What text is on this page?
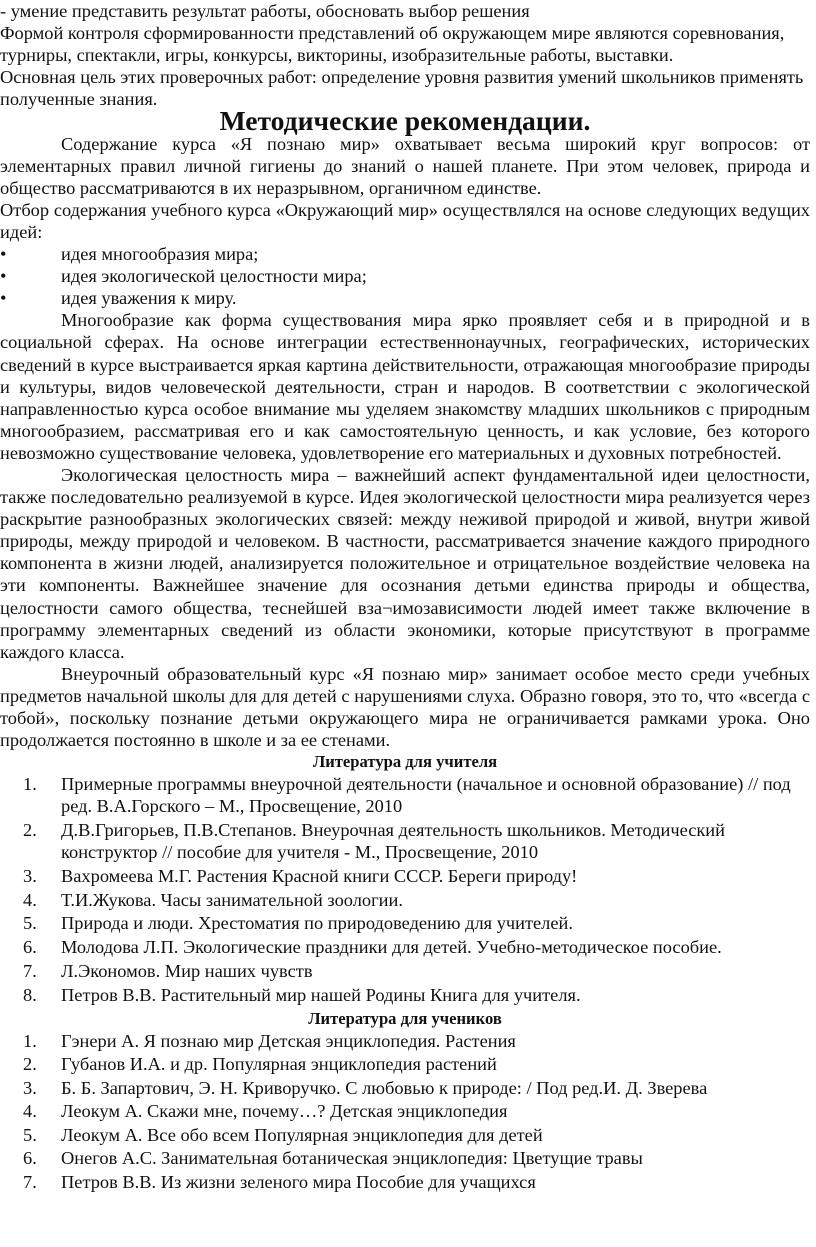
- умение представить результат работы, обосновать выбор решения

Формой контроля сформированности представлений об окружающем мире являются соревнования, турниры, спектакли, игры, конкурсы, викторины, изобразительные работы, выставки.

Основная цель этих проверочных работ: определение уровня развития умений школьников применять полученные знания.

Методические рекомендации.

Содержание курса «Я познаю мир» охватывает весьма широкий круг вопросов: от элементарных правил личной гигиены до знаний о нашей планете. При этом человек, природа и общество рассматриваются в их неразрывном, органичном единстве.

Отбор содержания учебного курса «Окружающий мир» осуществлялся на основе следующих ведущих идей:

•	идея многообразия мира;
•	идея экологической целостности мира;
•	идея уважения к миру.

Многообразие как форма существования мира ярко проявляет себя и в природной и в социальной сферах. На основе интеграции естественнонаучных, географических, исторических сведений в курсе выстраивается яркая картина действительности, отражающая многообразие природы и культуры, видов человеческой деятельности, стран и народов. В соответствии с экологической направленностью курса особое внимание мы уделяем знакомству младших школьников с природным многообразием, рассматривая его и как самостоятельную ценность, и как условие, без которого невозможно существование человека, удовлетворение его материальных и духовных потребностей.

Экологическая целостность мира – важнейший аспект фундаментальной идеи целостности, также последовательно реализуемой в курсе. Идея экологической целостности мира реализуется через раскрытие разнообразных экологических связей: между неживой природой и живой, внутри живой природы, между природой и человеком. В частности, рассматривается значение каждого природного компонента в жизни людей, анализируется положительное и отрицательное воздействие человека на эти компоненты. Важнейшее значение для осознания детьми единства природы и общества, целостности самого общества, теснейшей вза¬имозависимости людей имеет также включение в программу элементарных сведений из области экономики, которые присутствуют в программе каждого класса.

Внеурочный образовательный курс «Я познаю мир» занимает особое место среди учебных предметов начальной школы для для детей с нарушениями слуха. Образно говоря, это то, что «всегда с тобой», поскольку познание детьми окружающего мира не ограничивается рамками урока. Оно продолжается постоянно в школе и за ее стенами.

Литература для учителя
1.	Примерные программы внеурочной деятельности (начальное и основной образование) // под ред. В.А.Горского – М., Просвещение, 2010
2.	Д.В.Григорьев, П.В.Степанов. Внеурочная деятельность школьников. Методический конструктор // пособие для учителя - М., Просвещение, 2010
3.	Вахромеева М.Г. Растения Красной книги СССР. Береги природу!
4.	Т.И.Жукова. Часы занимательной зоологии.
5.	Природа и люди. Хрестоматия по природоведению для учителей.
6.	Молодова Л.П. Экологические праздники для детей. Учебно-методическое пособие.
7.	Л.Экономов. Мир наших чувств
8.	Петров В.В. Растительный мир нашей Родины Книга для учителя.
Литература для учеников
1.	Гэнери А. Я познаю мир Детская энциклопедия. Растения
2.	Губанов И.А. и др. Популярная энциклопедия растений
3.	Б. Б. Запартович, Э. Н. Криворучко. С любовью к природе: / Под ред.И. Д. Зверева
4.	Леокум А. Скажи мне, почему…? Детская энциклопедия
5.	Леокум А. Все обо всем Популярная энциклопедия для детей
6.	Онегов А.С. Занимательная ботаническая энциклопедия: Цветущие травы
7.	Петров В.В. Из жизни зеленого мира Пособие для учащихся
